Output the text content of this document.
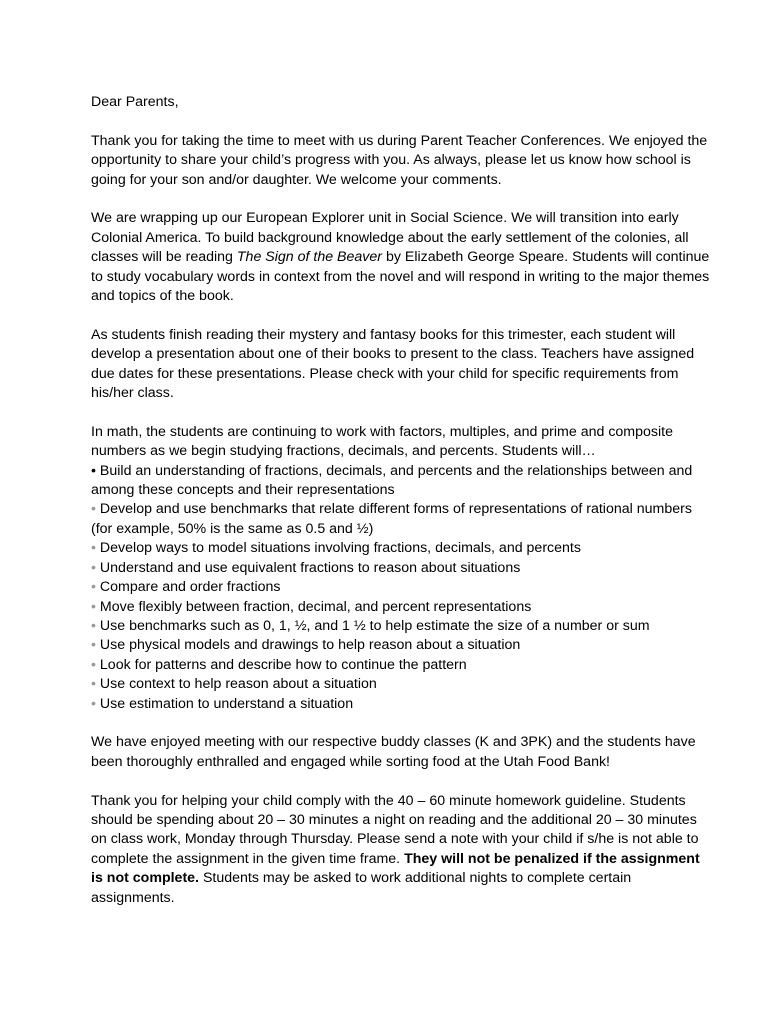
Dear Parents,

Thank you for taking the time to meet with us during Parent Teacher Conferences. We enjoyed the opportunity to share your child’s progress with you. As always, please let us know how school is going for your son and/or daughter. We welcome your comments.

We are wrapping up our European Explorer unit in Social Science. We will transition into early Colonial America. To build background knowledge about the early settlement of the colonies, all classes will be reading The Sign of the Beaver by Elizabeth George Speare. Students will continue to study vocabulary words in context from the novel and will respond in writing to the major themes and topics of the book.

As students finish reading their mystery and fantasy books for this trimester, each student will develop a presentation about one of their books to present to the class. Teachers have assigned due dates for these presentations. Please check with your child for specific requirements from his/her class.

In math, the students are continuing to work with factors, multiples, and prime and composite numbers as we begin studying fractions, decimals, and percents. Students will…

• Build an understanding of fractions, decimals, and percents and the relationships between and among these concepts and their representations
• Develop and use benchmarks that relate different forms of representations of rational numbers (for example, 50% is the same as 0.5 and ½)
• Develop ways to model situations involving fractions, decimals, and percents
• Understand and use equivalent fractions to reason about situations
• Compare and order fractions
• Move flexibly between fraction, decimal, and percent representations
• Use benchmarks such as 0, 1, ½, and 1 ½ to help estimate the size of a number or sum
• Use physical models and drawings to help reason about a situation
• Look for patterns and describe how to continue the pattern
• Use context to help reason about a situation
• Use estimation to understand a situation

We have enjoyed meeting with our respective buddy classes (K and 3PK) and the students have been thoroughly enthralled and engaged while sorting food at the Utah Food Bank!

Thank you for helping your child comply with the 40 – 60 minute homework guideline. Students should be spending about 20 – 30 minutes a night on reading and the additional 20 – 30 minutes on class work, Monday through Thursday. Please send a note with your child if s/he is not able to complete the assignment in the given time frame. They will not be penalized if the assignment is not complete. Students may be asked to work additional nights to complete certain assignments.
